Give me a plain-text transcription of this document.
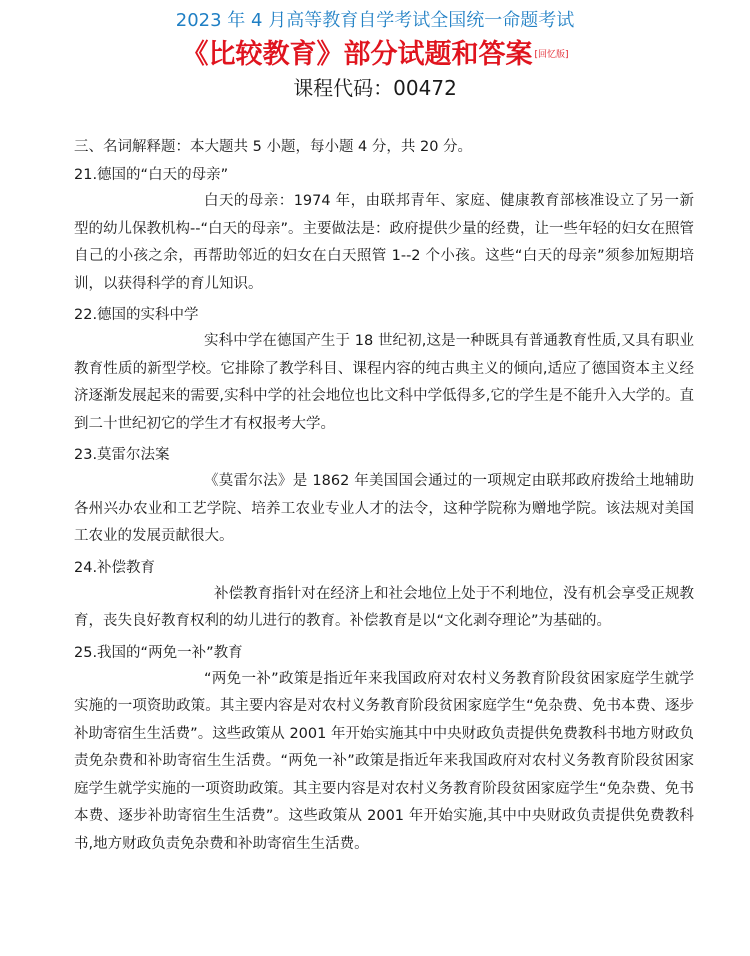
2023 年 4 月高等教育自学考试全国统一命题考试
《比较教育》部分试题和答案 [回忆版]
课程代码：00472
三、名词解释题：本大题共 5 小题，每小题 4 分，共 20 分。
21.德国的“白天的母亲”
白天的母亲：1974 年，由联邦青年、家庭、健康教育部核准设立了另一新型的幼儿保教机构--“白天的母亲”。主要做法是：政府提供少量的经费，让一些年轻的妇女在照管自己的小孩之余，再帮助邻近的妇女在白天照管 1--2 个小孩。这些“白天的母亲”须参加短期培训，以获得科学的育儿知识。
22.德国的实科中学
实科中学在德国产生于 18 世纪初,这是一种既具有普通教育性质,又具有职业教育性质的新型学校。它排除了教学科目、课程内容的纯古典主义的倾向,适应了德国资本主义经济逐渐发展起来的需要,实科中学的社会地位也比文科中学低得多,它的学生是不能升入大学的。直到二十世纪初它的学生才有权报考大学。
23.莫雷尔法案
《莫雷尔法》是 1862 年美国国会通过的一项规定由联邦政府拨给土地辅助各州兴办农业和工艺学院、培养工农业专业人才的法令，这种学院称为赠地学院。该法规对美国工农业的发展贡献很大。
24.补偿教育
补偿教育指针对在经济上和社会地位上处于不利地位，没有机会享受正规教育，丧失良好教育权利的幼儿进行的教育。补偿教育是以“文化剥夺理论”为基础的。
25.我国的“两免一补”教育
“两免一补”政策是指近年来我国政府对农村义务教育阶段贫困家庭学生就学实施的一项资助政策。其主要内容是对农村义务教育阶段贫困家庭学生“免杂费、免书本费、逐步补助寄宿生生活费”。这些政策从 2001 年开始实施其中中央财政负责提供免费教科书地方财政负责免杂费和补助寄宿生生活费。“两免一补”政策是指近年来我国政府对农村义务教育阶段贫困家庭学生就学实施的一项资助政策。其主要内容是对农村义务教育阶段贫困家庭学生“免杂费、免书本费、逐步补助寄宿生生活费”。这些政策从 2001 年开始实施,其中中央财政负责提供免费教科书,地方财政负责免杂费和补助寄宿生生活费。
